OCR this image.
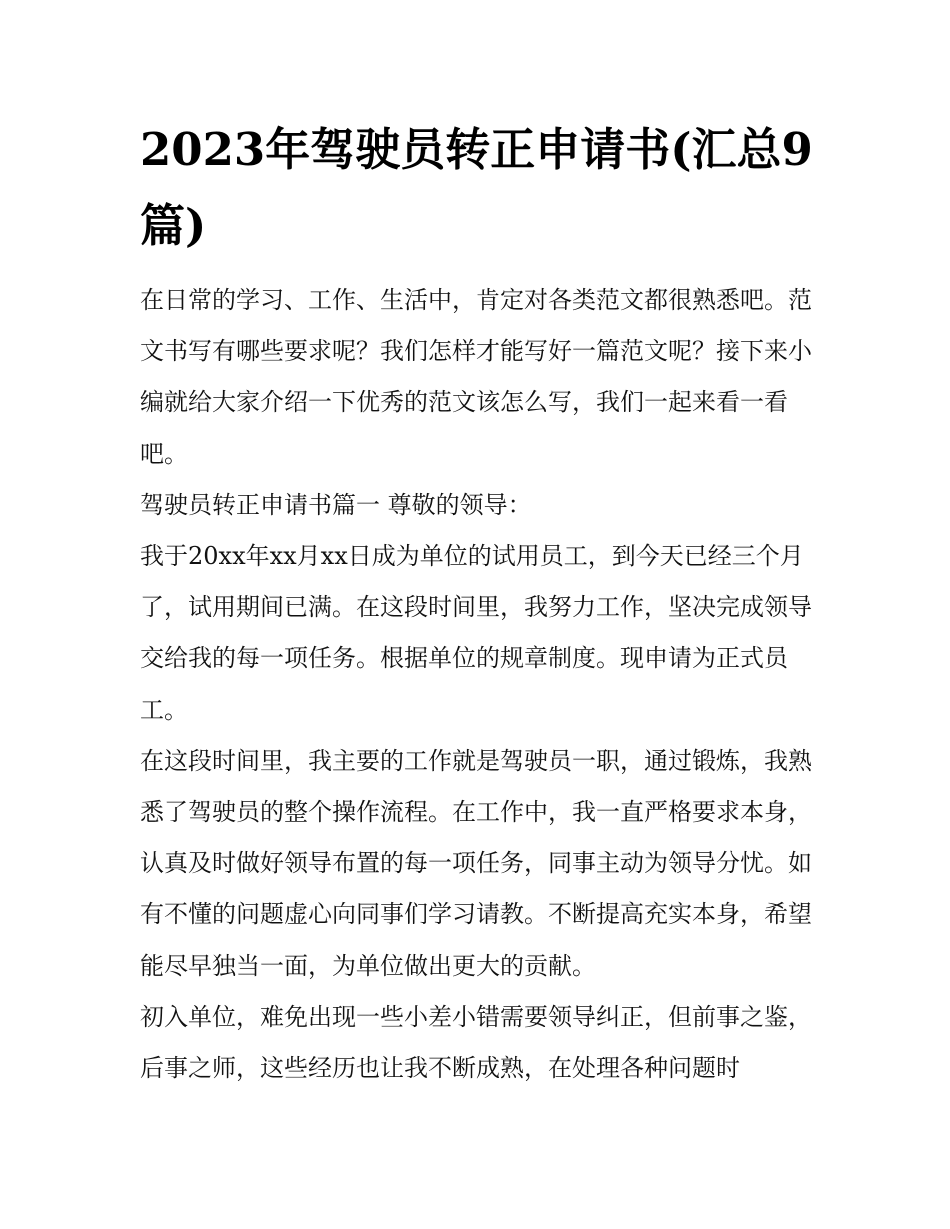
2023年驾驶员转正申请书(汇总9篇)

在日常的学习、工作、生活中，肯定对各类范文都很熟悉吧。范文书写有哪些要求呢？我们怎样才能写好一篇范文呢？接下来小编就给大家介绍一下优秀的范文该怎么写，我们一起来看一看吧。

驾驶员转正申请书篇一 尊敬的领导：

我于20xx年xx月xx日成为单位的试用员工，到今天已经三个月了，试用期间已满。在这段时间里，我努力工作，坚决完成领导交给我的每一项任务。根据单位的规章制度。现申请为正式员工。

在这段时间里，我主要的工作就是驾驶员一职，通过锻炼，我熟悉了驾驶员的整个操作流程。在工作中，我一直严格要求本身，认真及时做好领导布置的每一项任务，同事主动为领导分忧。如有不懂的问题虚心向同事们学习请教。不断提高充实本身，希望能尽早独当一面，为单位做出更大的贡献。

初入单位，难免出现一些小差小错需要领导纠正，但前事之鉴，后事之师，这些经历也让我不断成熟，在处理各种问题时
